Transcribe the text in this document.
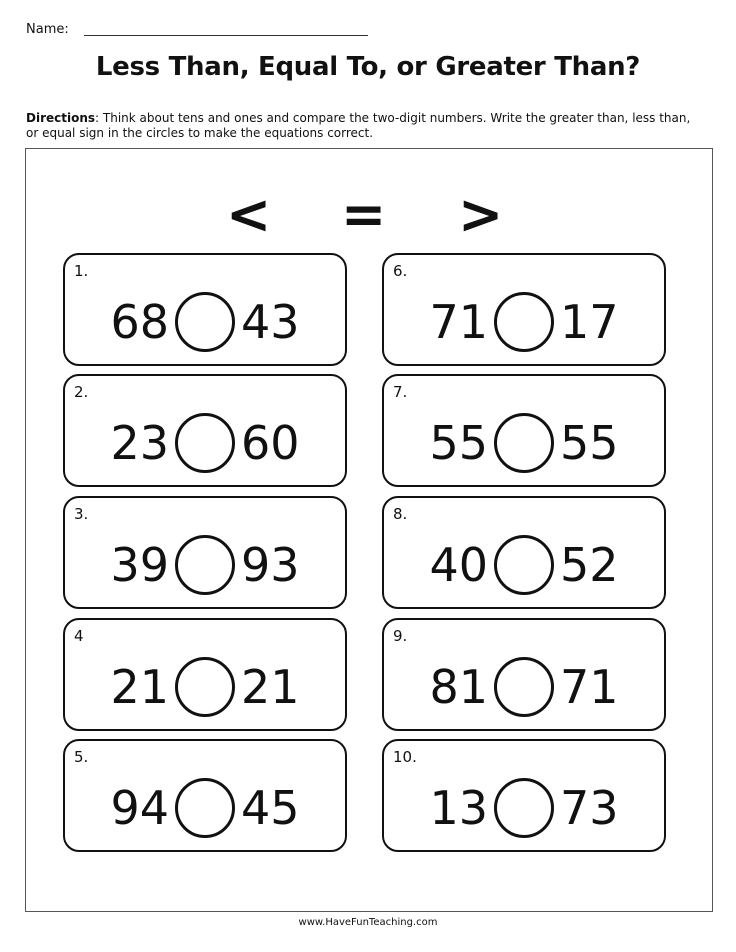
Name:
Less Than, Equal To, or Greater Than?
Directions: Think about tens and ones and compare the two-digit numbers. Write the greater than, less than, or equal sign in the circles to make the equations correct.
< = >
1.
68 43
2.
23 60
3.
39 93
4
21 21
5.
94 45
6.
71 17
7.
55 55
8.
40 52
9.
81 71
10.
13 73
www.HaveFunTeaching.com
